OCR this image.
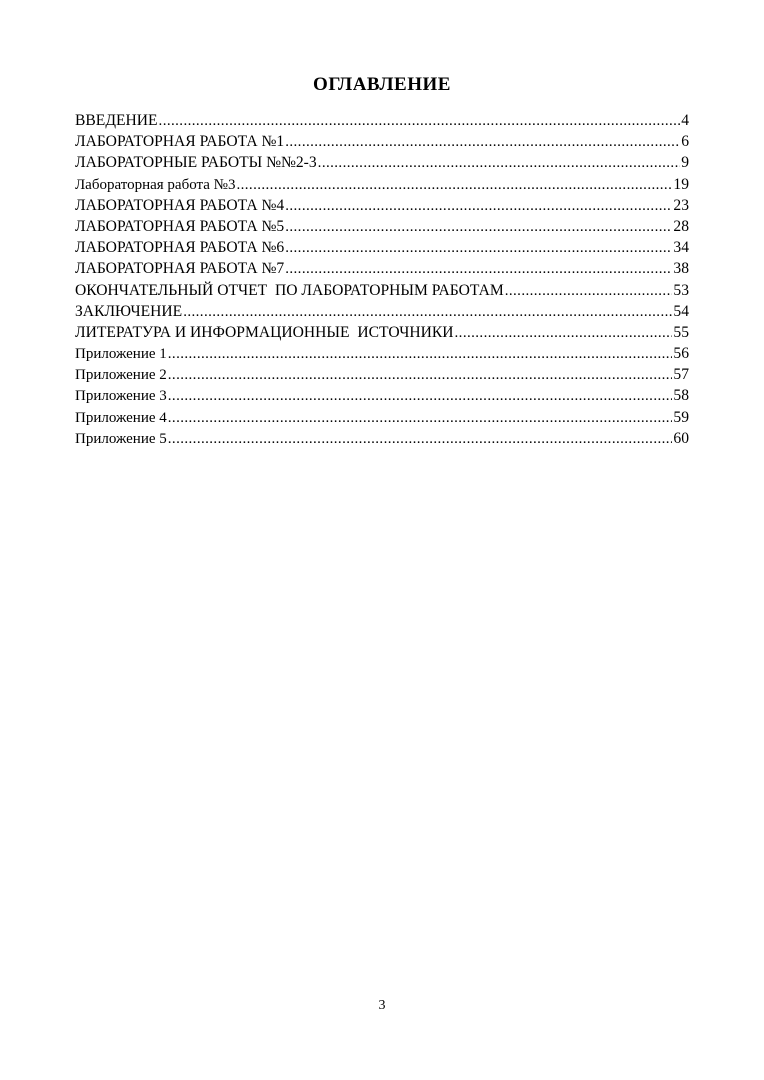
ОГЛАВЛЕНИЕ
ВВЕДЕНИЕ .....	4
ЛАБОРАТОРНАЯ РАБОТА №1 .....	6
ЛАБОРАТОРНЫЕ РАБОТЫ №№2-3 .....	9
Лабораторная работа №3 .....	19
ЛАБОРАТОРНАЯ РАБОТА №4 .....	23
ЛАБОРАТОРНАЯ РАБОТА №5 .....	28
ЛАБОРАТОРНАЯ РАБОТА №6 .....	34
ЛАБОРАТОРНАЯ РАБОТА №7 .....	38
ОКОНЧАТЕЛЬНЫЙ ОТЧЕТ  ПО ЛАБОРАТОРНЫМ РАБОТАМ .....	53
ЗАКЛЮЧЕНИЕ .....	54
ЛИТЕРАТУРА И ИНФОРМАЦИОННЫЕ  ИСТОЧНИКИ .....	55
Приложение 1 .....	56
Приложение 2 .....	57
Приложение 3 .....	58
Приложение 4 .....	59
Приложение 5 .....	60
3
